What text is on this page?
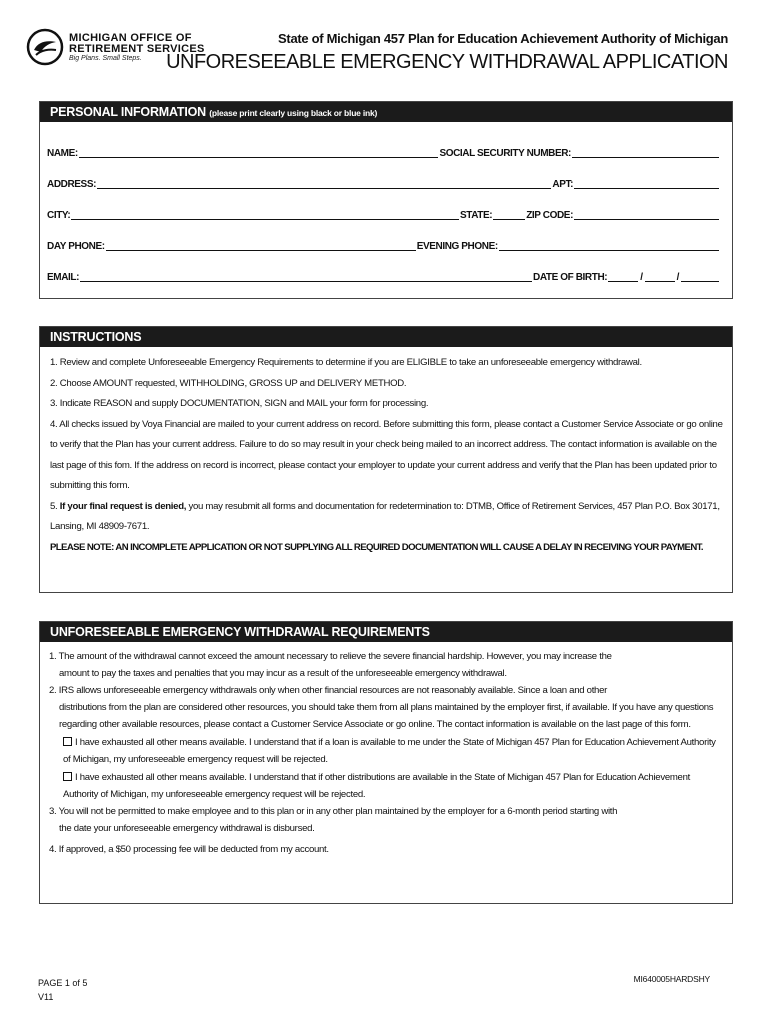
MICHIGAN OFFICE OF
RETIREMENT SERVICES
Big Plans. Small Steps.
State of Michigan 457 Plan for Education Achievement Authority of Michigan
UNFORESEEABLE EMERGENCY WITHDRAWAL APPLICATION
PERSONAL INFORMATION (please print clearly using black or blue ink)
NAME:	SOCIAL SECURITY NUMBER:
ADDRESS:	APT:
CITY:	STATE:	ZIP CODE:
DAY PHONE:	EVENING PHONE:
EMAIL:	DATE OF BIRTH:	/	/
INSTRUCTIONS

1. Review and complete Unforeseeable Emergency Requirements to determine if you are ELIGIBLE to take an unforeseeable emergency withdrawal.

2. Choose AMOUNT requested, WITHHOLDING, GROSS UP and DELIVERY METHOD.

3. Indicate REASON and supply DOCUMENTATION, SIGN and MAIL your form for processing.

4. All checks issued by Voya Financial are mailed to your current address on record. Before submitting this form, please contact a Customer Service Associate or go online to verify that the Plan has your current address. Failure to do so may result in your check being mailed to an incorrect address. The contact information is available on the last page of this fom. If the address on record is incorrect, please contact your employer to update your current address and verify that the Plan has been updated prior to submitting this form.

5. If your final request is denied, you may resubmit all forms and documentation for redetermination to: DTMB, Office of Retirement Services, 457 Plan P.O. Box 30171, Lansing, MI 48909-7671.

PLEASE NOTE: AN INCOMPLETE APPLICATION OR NOT SUPPLYING ALL REQUIRED DOCUMENTATION WILL CAUSE A DELAY IN RECEIVING YOUR PAYMENT.

UNFORESEEABLE EMERGENCY WITHDRAWAL REQUIREMENTS

1. The amount of the withdrawal cannot exceed the amount necessary to relieve the severe financial hardship. However, you may increase the

amount to pay the taxes and penalties that you may incur as a result of the unforeseeable emergency withdrawal.

2. IRS allows unforeseeable emergency withdrawals only when other financial resources are not reasonably available. Since a loan and other

distributions from the plan are considered other resources, you should take them from all plans maintained by the employer first, if available. If you have any questions regarding other available resources, please contact a Customer Service Associate or go online. The contact information is available on the last page of this form.

I have exhausted all other means available. I understand that if a loan is available to me under the State of Michigan 457 Plan for Education Achievement Authority of Michigan, my unforeseeable emergency request will be rejected.

I have exhausted all other means available. I understand that if other distributions are available in the State of Michigan 457 Plan for Education Achievement Authority of Michigan, my unforeseeable emergency request will be rejected.

3. You will not be permitted to make employee and to this plan or in any other plan maintained by the employer for a 6-month period starting with

the date your unforeseeable emergency withdrawal is disbursed.

4. If approved, a $50 processing fee will be deducted from my account.

PAGE 1 of 5
V11
MI640005HARDSHY
